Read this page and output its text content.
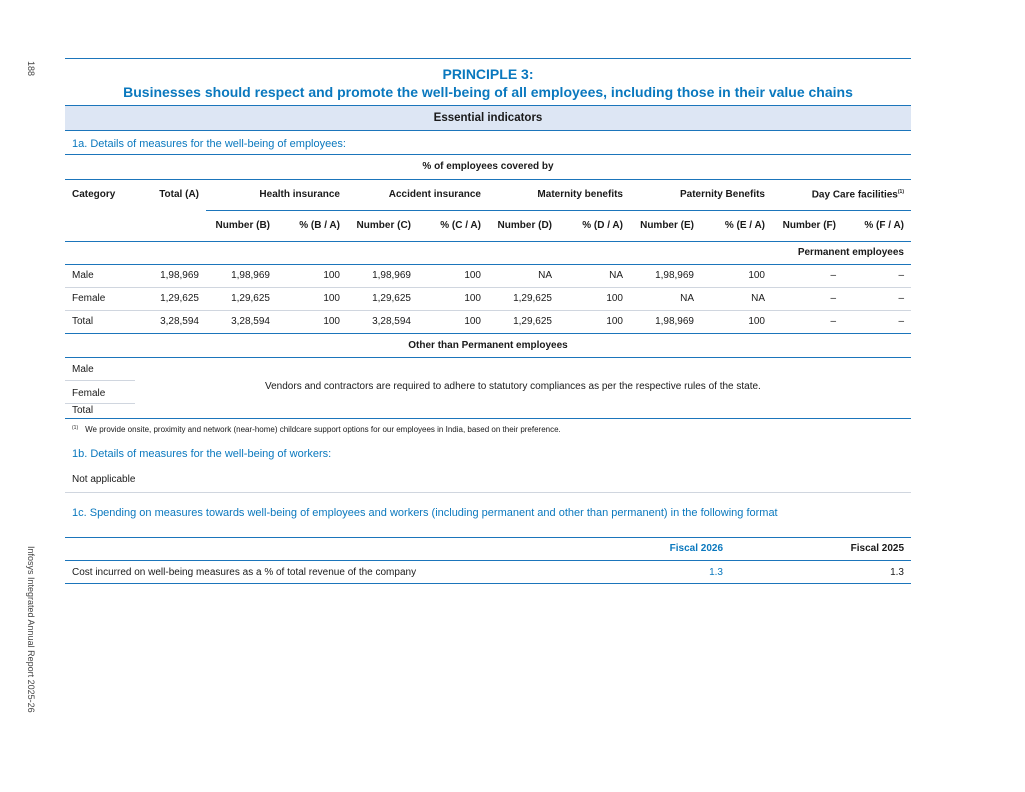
188
Infosys Integrated Annual Report 2025-26
PRINCIPLE 3:
Businesses should respect and promote the well-being of all employees, including those in their value chains
Essential indicators
1a. Details of measures for the well-being of employees:
% of employees covered by											
Category	Total (A)	Health insurance		Accident insurance		Maternity benefits		Paternity Benefits		Day Care facilities$^{(1)}$
		Number (B)	% (B / A)	Number (C)	% (C / A)	Number (D)	% (D / A)	Number (E)	% (E / A)	Number (F)	% (F / A)
Permanent employees											
Male	1,98,969	1,98,969	100	1,98,969	100	NA	NA	1,98,969	100	–	–
Female	1,29,625	1,29,625	100	1,29,625	100	1,29,625	100	NA	NA	–	–
Total	3,28,594	3,28,594	100	3,28,594	100	1,29,625	100	1,98,969	100	–	–
Other than Permanent employees
Male
Female
Total
Vendors and contractors are required to adhere to statutory compliances as per the respective rules of the state.
$^{(1)}$ We provide onsite, proximity and network (near-home) childcare support options for our employees in India, based on their preference.
1b. Details of measures for the well-being of workers:
Not applicable
1c. Spending on measures towards well-being of employees and workers (including permanent and other than permanent) in the following format
	Fiscal 2026	Fiscal 2025
Cost incurred on well-being measures as a % of total revenue of the company	1.3	1.3
